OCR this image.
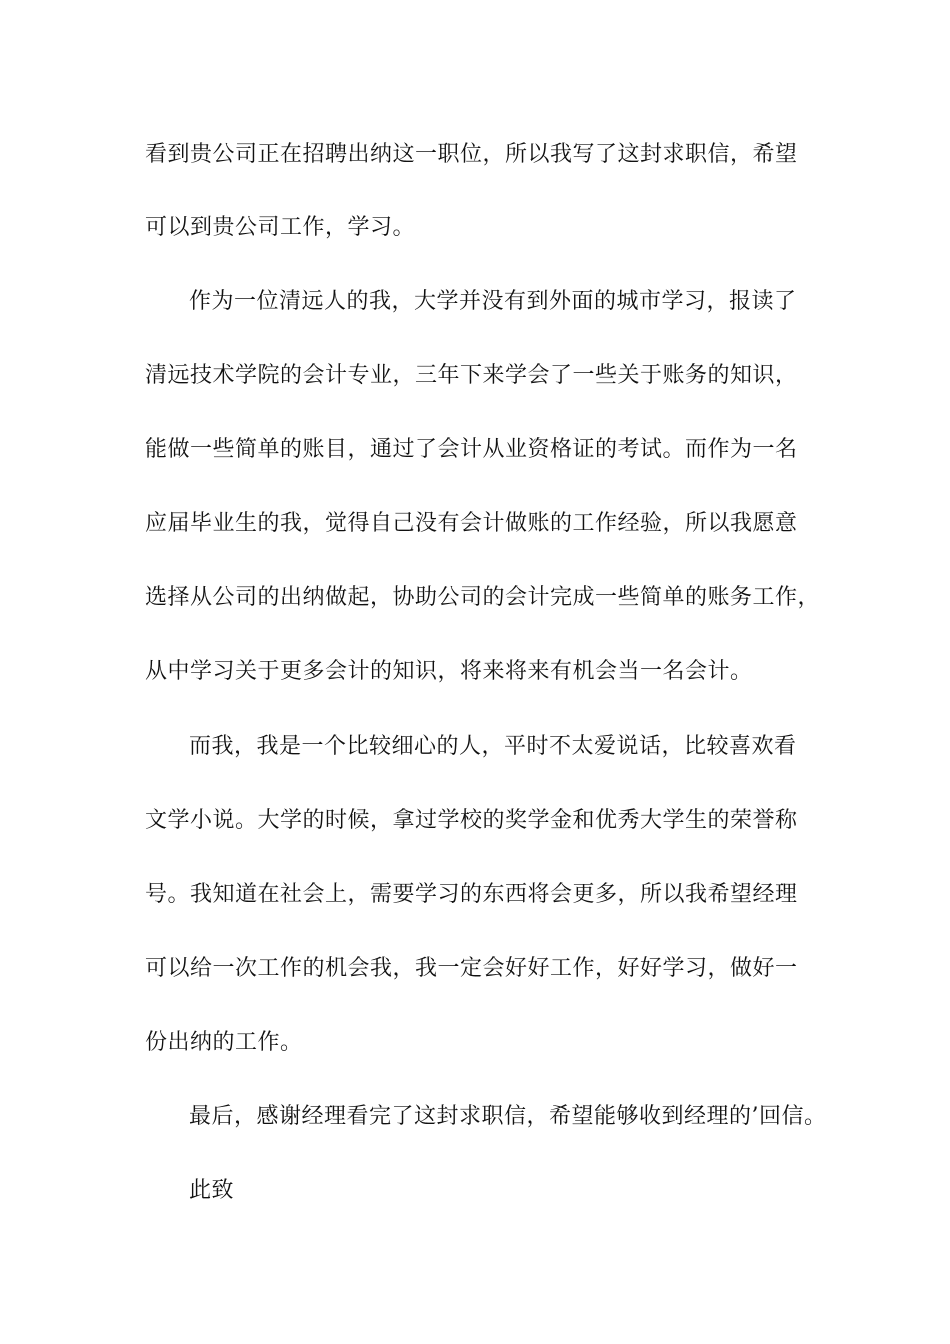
看到贵公司正在招聘出纳这一职位，所以我写了这封求职信，希望
可以到贵公司工作，学习。
作为一位清远人的我，大学并没有到外面的城市学习，报读了
清远技术学院的会计专业，三年下来学会了一些关于账务的知识，
能做一些简单的账目，通过了会计从业资格证的考试。而作为一名
应届毕业生的我，觉得自己没有会计做账的工作经验，所以我愿意
选择从公司的出纳做起，协助公司的会计完成一些简单的账务工作，
从中学习关于更多会计的知识，将来将来有机会当一名会计。
而我，我是一个比较细心的人，平时不太爱说话，比较喜欢看
文学小说。大学的时候，拿过学校的奖学金和优秀大学生的荣誉称
号。我知道在社会上，需要学习的东西将会更多，所以我希望经理
可以给一次工作的机会我，我一定会好好工作，好好学习，做好一
份出纳的工作。
最后，感谢经理看完了这封求职信，希望能够收到经理的’回信。
此致
